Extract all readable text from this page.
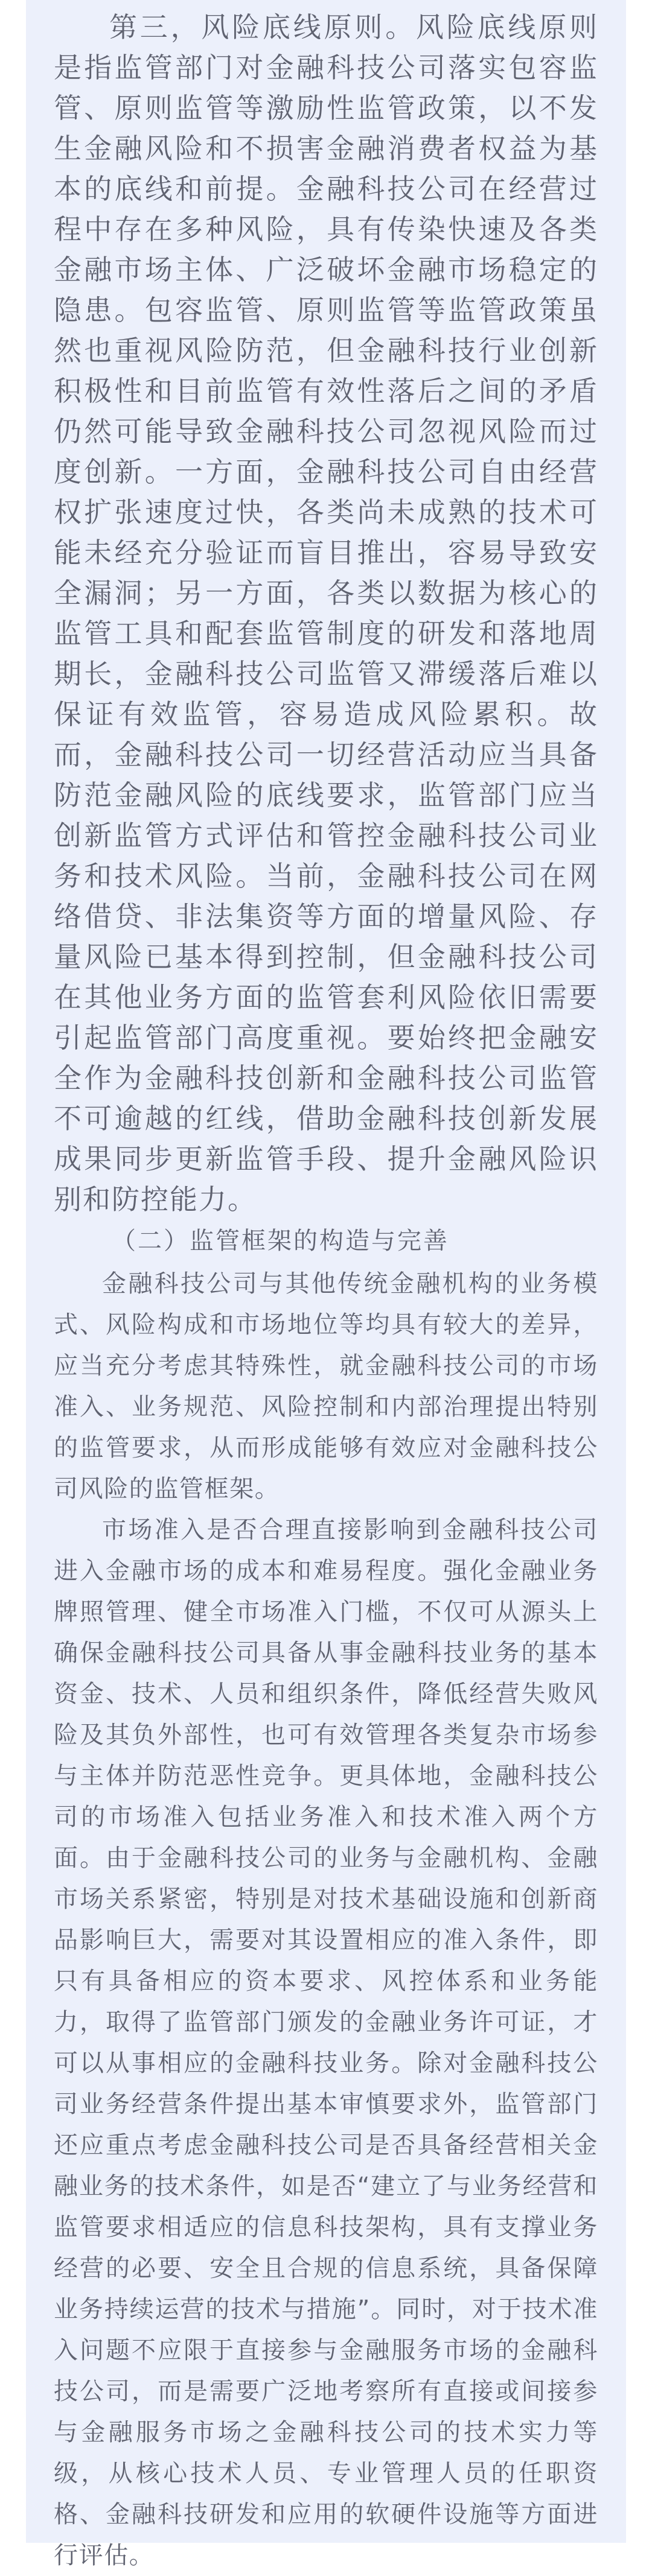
第三，风险底线原则。风险底线原则是指监管部门对金融科技公司落实包容监管、原则监管等激励性监管政策，以不发生金融风险和不损害金融消费者权益为基本的底线和前提。金融科技公司在经营过程中存在多种风险，具有传染快速及各类金融市场主体、广泛破坏金融市场稳定的隐患。包容监管、原则监管等监管政策虽然也重视风险防范，但金融科技行业创新积极性和目前监管有效性落后之间的矛盾仍然可能导致金融科技公司忽视风险而过度创新。一方面，金融科技公司自由经营权扩张速度过快，各类尚未成熟的技术可能未经充分验证而盲目推出，容易导致安全漏洞；另一方面，各类以数据为核心的监管工具和配套监管制度的研发和落地周期长，金融科技公司监管又滞缓落后难以保证有效监管，容易造成风险累积。故而，金融科技公司一切经营活动应当具备防范金融风险的底线要求，监管部门应当创新监管方式评估和管控金融科技公司业务和技术风险。当前，金融科技公司在网络借贷、非法集资等方面的增量风险、存量风险已基本得到控制，但金融科技公司在其他业务方面的监管套利风险依旧需要引起监管部门高度重视。要始终把金融安全作为金融科技创新和金融科技公司监管不可逾越的红线，借助金融科技创新发展成果同步更新监管手段、提升金融风险识别和防控能力。

（二）监管框架的构造与完善

金融科技公司与其他传统金融机构的业务模式、风险构成和市场地位等均具有较大的差异，应当充分考虑其特殊性，就金融科技公司的市场准入、业务规范、风险控制和内部治理提出特别的监管要求，从而形成能够有效应对金融科技公司风险的监管框架。

市场准入是否合理直接影响到金融科技公司进入金融市场的成本和难易程度。强化金融业务牌照管理、健全市场准入门槛，不仅可从源头上确保金融科技公司具备从事金融科技业务的基本资金、技术、人员和组织条件，降低经营失败风险及其负外部性，也可有效管理各类复杂市场参与主体并防范恶性竞争。更具体地，金融科技公司的市场准入包括业务准入和技术准入两个方面。由于金融科技公司的业务与金融机构、金融市场关系紧密，特别是对技术基础设施和创新商品影响巨大，需要对其设置相应的准入条件，即只有具备相应的资本要求、风控体系和业务能力，取得了监管部门颁发的金融业务许可证，才可以从事相应的金融科技业务。除对金融科技公司业务经营条件提出基本审慎要求外，监管部门还应重点考虑金融科技公司是否具备经营相关金融业务的技术条件，如是否“建立了与业务经营和监管要求相适应的信息科技架构，具有支撑业务经营的必要、安全且合规的信息系统，具备保障业务持续运营的技术与措施”。同时，对于技术准入问题不应限于直接参与金融服务市场的金融科技公司，而是需要广泛地考察所有直接或间接参与金融服务市场之金融科技公司的技术实力等级，从核心技术人员、专业管理人员的任职资格、金融科技研发和应用的软硬件设施等方面进行评估。
